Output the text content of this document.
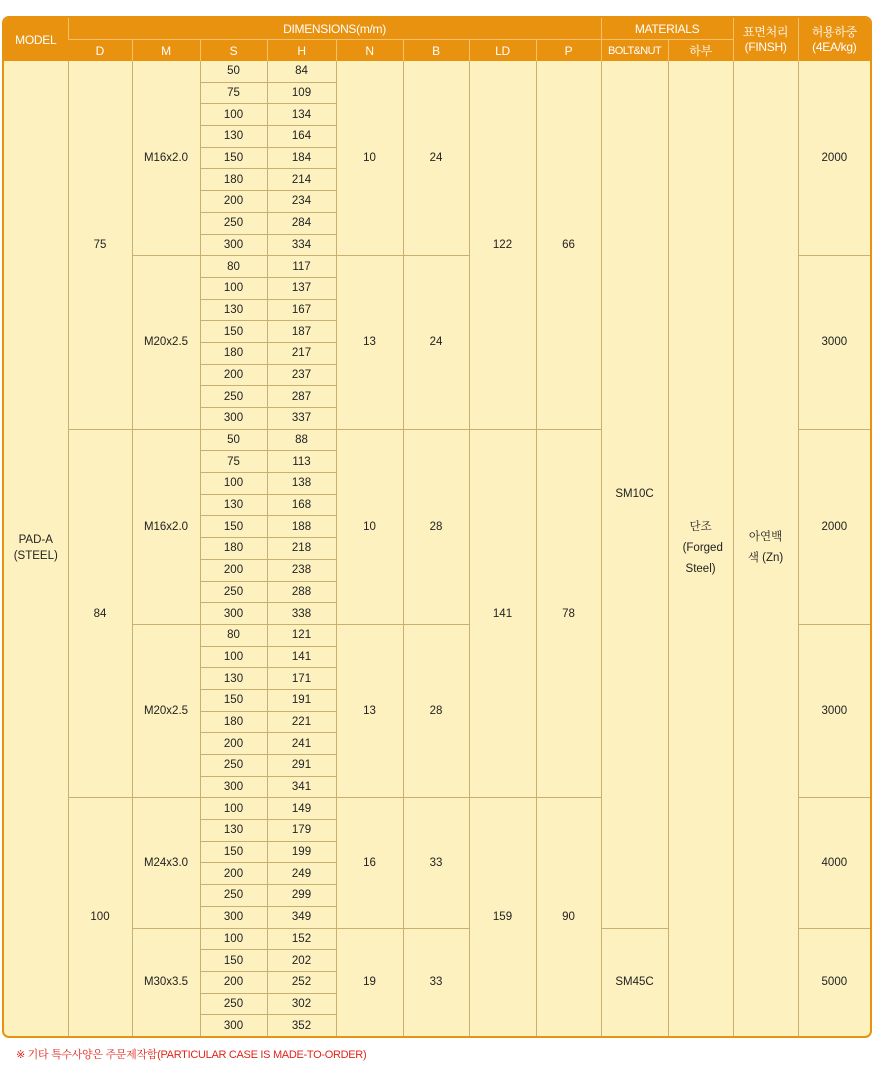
MODEL	DIMENSIONS(m/m)								MATERIALS		표면처리 (FINSH)	허용하중 (4EA/kg)
	D	M	S	H	N	B	LD	P	BOLT&NUT	하부		
PAD-A (STEEL)	75	M16x2.0	50	84	10	24	122	66	SM10C	단조 (Forged Steel)	아연백색 (Zn)	2000
			75	109								
			100	134								
			130	164								
			150	184								
			180	214								
			200	234								
			250	284								
			300	334								
		M20x2.5	80	117	13	24						3000
			100	137								
			130	167								
			150	187								
			180	217								
			200	237								
			250	287								
			300	337								
	84	M16x2.0	50	88	10	28	141	78				2000
			75	113								
			100	138								
			130	168								
			150	188								
			180	218								
			200	238								
			250	288								
			300	338								
		M20x2.5	80	121	13	28						3000
			100	141								
			130	171								
			150	191								
			180	221								
			200	241								
			250	291								
			300	341								
	100	M24x3.0	100	149	16	33	159	90				4000
			130	179								
			150	199								
			200	249								
			250	299								
			300	349								
		M30x3.5	100	152	19	33			SM45C			5000
			150	202								
			200	252								
			250	302								
			300	352								
※ 기타 특수사양은 주문제작함(PARTICULAR CASE IS MADE-TO-ORDER)
